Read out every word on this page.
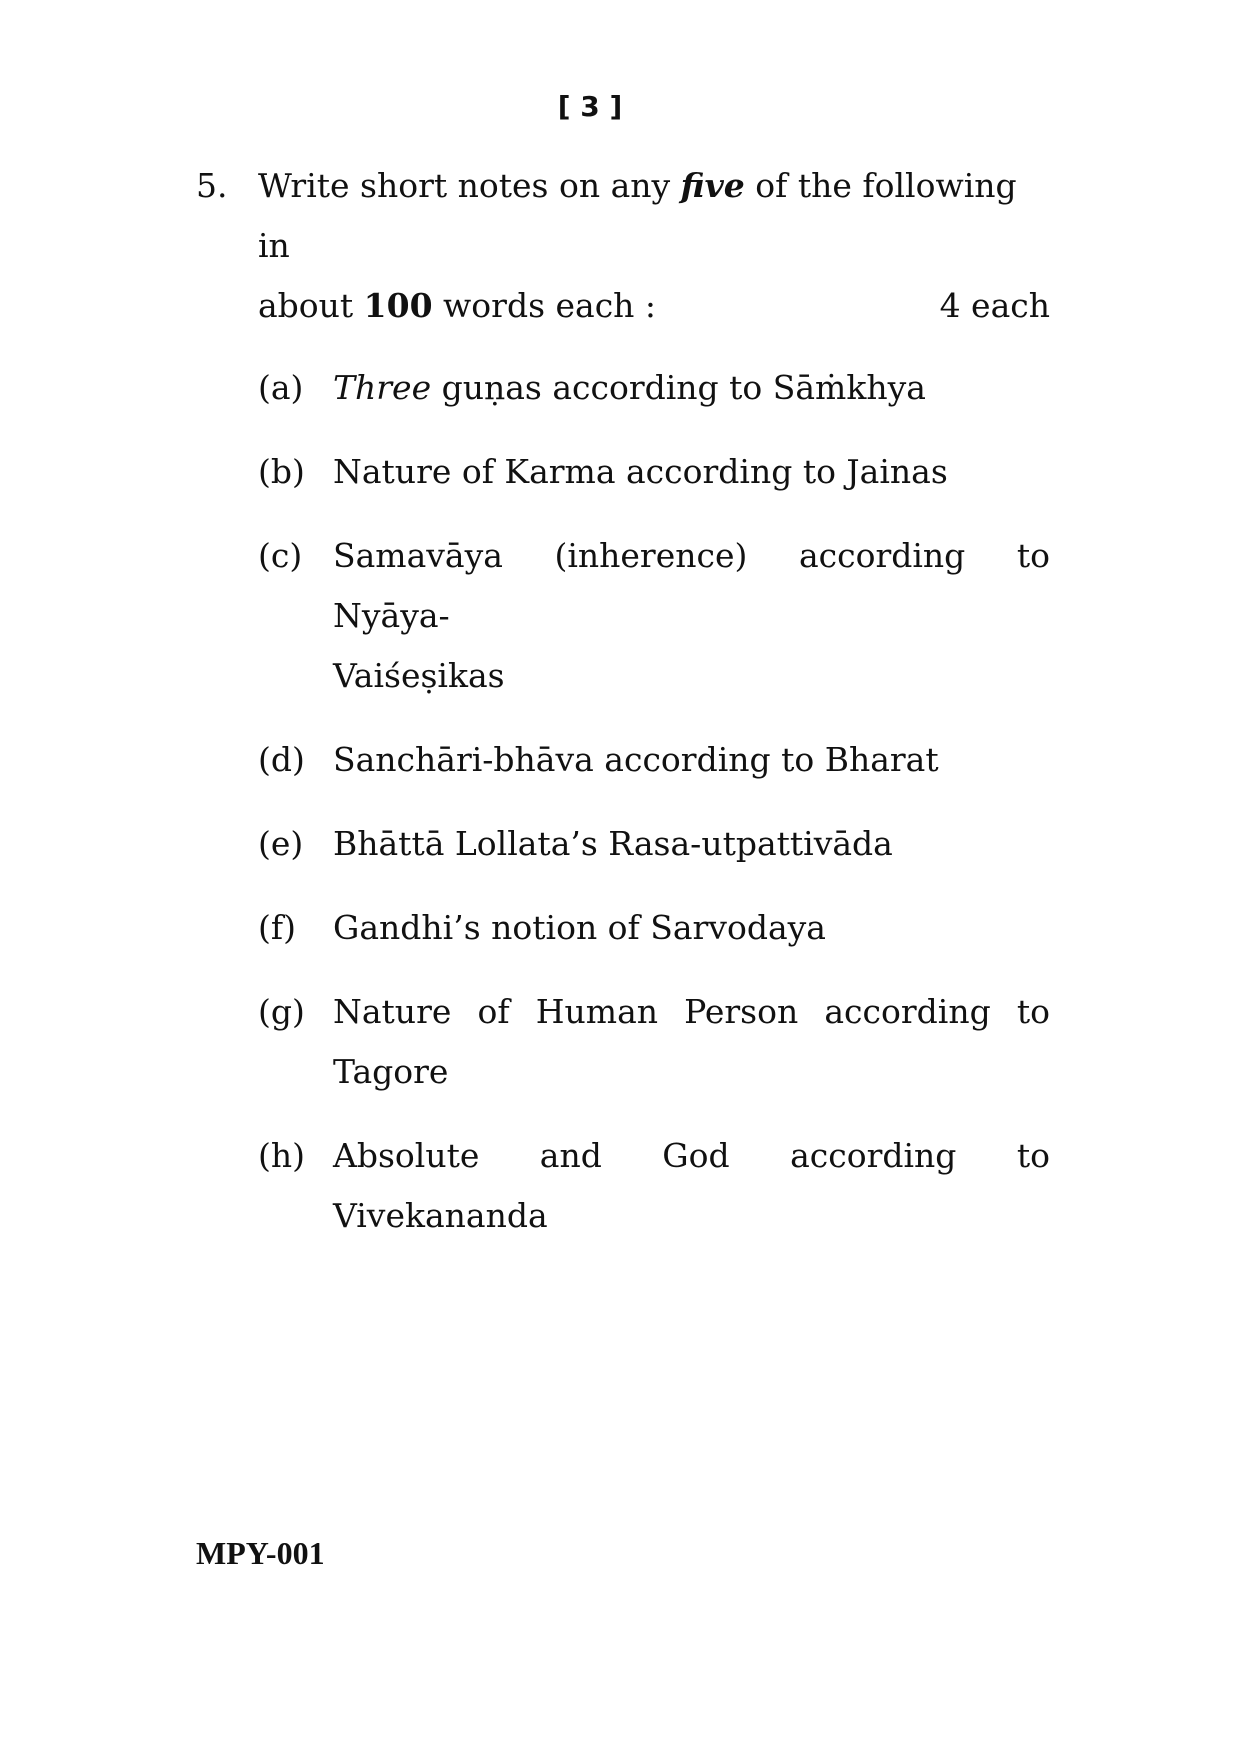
[ 3 ]
5. Write short notes on any five of the following in
about 100 words each :	4 each
(a) Three guṇas according to Sāṁkhya
(b) Nature of Karma according to Jainas
(c) Samavāya (inherence) according to Nyāya-
Vaiśeṣikas
(d) Sanchāri-bhāva according to Bharat
(e) Bhāttā Lollata’s Rasa-utpattivāda
(f)	Gandhi’s notion of Sarvodaya
(g) Nature of Human Person according to
Tagore
(h) Absolute and God according to
Vivekananda
MPY-001
